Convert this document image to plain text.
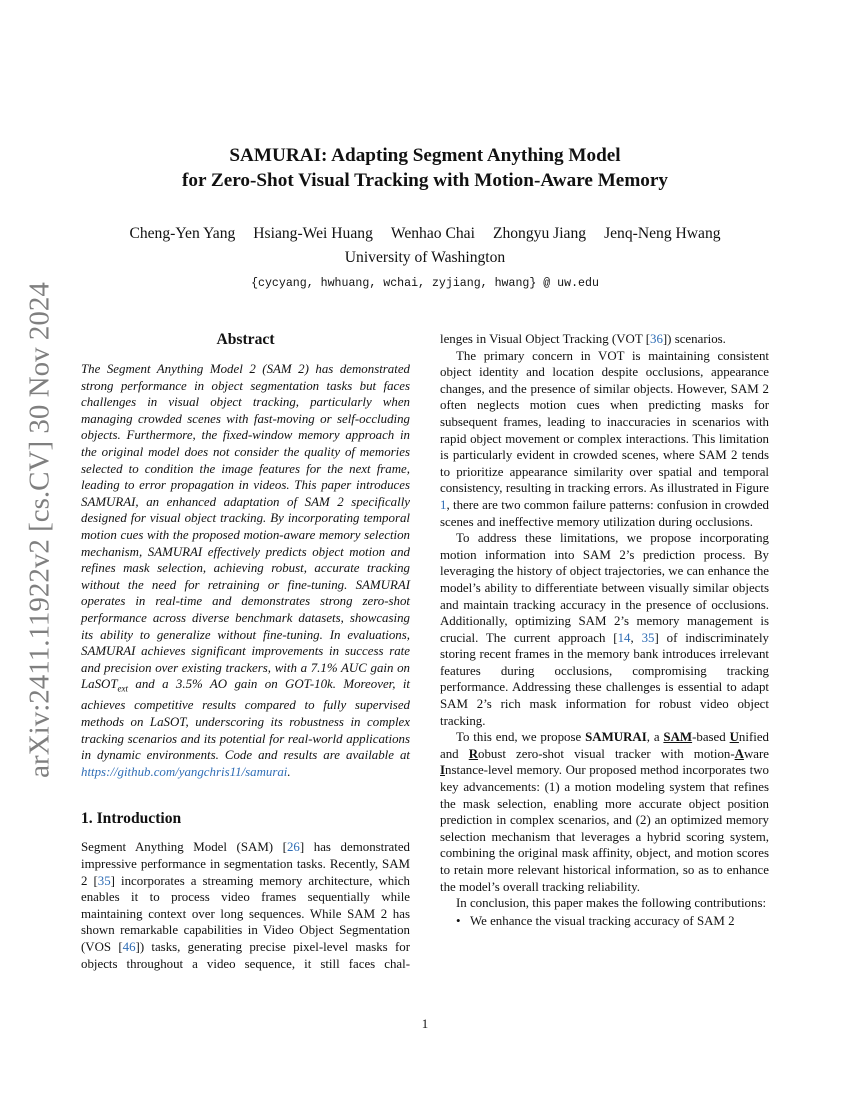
arXiv:2411.11922v2 [cs.CV] 30 Nov 2024
SAMURAI: Adapting Segment Anything Model
for Zero-Shot Visual Tracking with Motion-Aware Memory
Cheng-Yen Yang Hsiang-Wei Huang Wenhao Chai Zhongyu Jiang Jenq-Neng Hwang
University of Washington
{cycyang, hwhuang, wchai, zyjiang, hwang} @ uw.edu
Abstract

The Segment Anything Model 2 (SAM 2) has demonstrated strong performance in object segmentation tasks but faces challenges in visual object tracking, particularly when managing crowded scenes with fast-moving or self-occluding objects. Furthermore, the fixed-window memory approach in the original model does not consider the quality of memories selected to condition the image features for the next frame, leading to error propagation in videos. This paper introduces SAMURAI, an enhanced adaptation of SAM 2 specifically designed for visual object tracking. By incorporating temporal motion cues with the proposed motion-aware memory selection mechanism, SAMURAI effectively predicts object motion and refines mask selection, achieving robust, accurate tracking without the need for retraining or fine-tuning. SAMURAI operates in real-time and demonstrates strong zero-shot performance across diverse benchmark datasets, showcasing its ability to generalize without fine-tuning. In evaluations, SAMURAI achieves significant improvements in success rate and precision over existing trackers, with a 7.1% AUC gain on LaSOT$_{ext}$ and a 3.5% AO gain on GOT-10k. Moreover, it achieves competitive results compared to fully supervised methods on LaSOT, underscoring its robustness in complex tracking scenarios and its potential for real-world applications in dynamic environments. Code and results are available at https://github.com/yangchris11/samurai.

1. Introduction

Segment Anything Model (SAM) [26] has demonstrated impressive performance in segmentation tasks. Recently, SAM 2 [35] incorporates a streaming memory architecture, which enables it to process video frames sequentially while maintaining context over long sequences. While SAM 2 has shown remarkable capabilities in Video Object Segmentation (VOS [46]) tasks, generating precise pixel-level masks for objects throughout a video sequence, it still faces chal-

lenges in Visual Object Tracking (VOT [36]) scenarios.

The primary concern in VOT is maintaining consistent object identity and location despite occlusions, appearance changes, and the presence of similar objects. However, SAM 2 often neglects motion cues when predicting masks for subsequent frames, leading to inaccuracies in scenarios with rapid object movement or complex interactions. This limitation is particularly evident in crowded scenes, where SAM 2 tends to prioritize appearance similarity over spatial and temporal consistency, resulting in tracking errors. As illustrated in Figure 1, there are two common failure patterns: confusion in crowded scenes and ineffective memory utilization during occlusions.

To address these limitations, we propose incorporating motion information into SAM 2’s prediction process. By leveraging the history of object trajectories, we can enhance the model’s ability to differentiate between visually similar objects and maintain tracking accuracy in the presence of occlusions. Additionally, optimizing SAM 2’s memory management is crucial. The current approach [14, 35] of indiscriminately storing recent frames in the memory bank introduces irrelevant features during occlusions, compromising tracking performance. Addressing these challenges is essential to adapt SAM 2’s rich mask information for robust video object tracking.

To this end, we propose SAMURAI, a SAM-based Unified and Robust zero-shot visual tracker with motion-Aware Instance-level memory. Our proposed method incorporates two key advancements: (1) a motion modeling system that refines the mask selection, enabling more accurate object position prediction in complex scenarios, and (2) an optimized memory selection mechanism that leverages a hybrid scoring system, combining the original mask affinity, object, and motion scores to retain more relevant historical information, so as to enhance the model’s overall tracking reliability.

In conclusion, this paper makes the following contributions:

• We enhance the visual tracking accuracy of SAM 2
1
